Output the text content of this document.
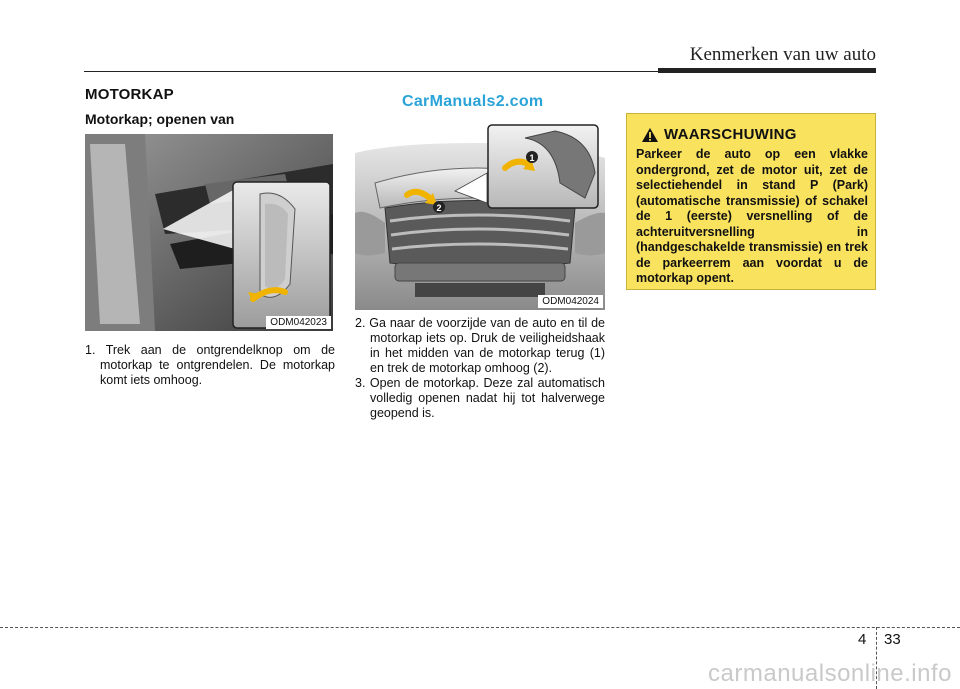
Kenmerken van uw auto
MOTORKAP	CarManuals2.com
Motorkap; openen van
ODM042023
2
1
ODM042024

1. Trek aan de ontgrendelknop om de motorkap te ontgrendelen. De motorkap komt iets omhoog.

2. Ga naar de voorzijde van de auto en til de motorkap iets op. Druk de veiligheidshaak in het midden van de motorkap terug (1) en trek de motorkap omhoog (2).

3. Open de motorkap. Deze zal automatisch volledig openen nadat hij tot halverwege geopend is.

WAARSCHUWING
Parkeer de auto op een vlakke ondergrond, zet de motor uit, zet de selectiehendel in stand P (Park) (automatische transmissie) of schakel de 1 (eerste) versnelling of de achteruitversnelling in (handgeschakelde transmissie) en trek de parkeerrem aan voordat u de motorkap opent.
4 33
carmanualsonline.info
